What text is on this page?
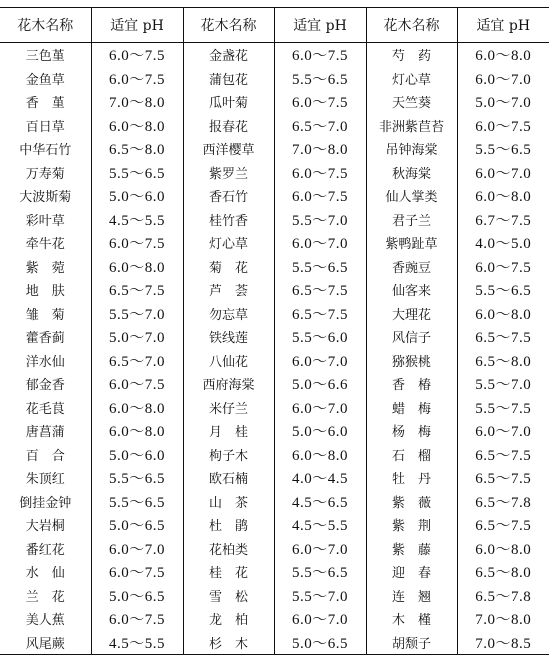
花木名称	适宜 pH	花木名称	适宜 pH	花木名称	适宜 pH
三色堇	6.0～7.5	金盏花	6.0～7.5	芍　药	6.0～8.0
金鱼草	6.0～7.5	蒲包花	5.5～6.5	灯心草	6.0～7.0
香　堇	7.0～8.0	瓜叶菊	6.0～7.5	天竺葵	5.0～7.0
百日草	6.0～8.0	报春花	6.5～7.0	非洲紫苣苔	6.0～7.5
中华石竹	6.5～8.0	西洋樱草	7.0～8.0	吊钟海棠	5.5～6.5
万寿菊	5.5～6.5	紫罗兰	6.0～7.5	秋海棠	6.0～7.0
大波斯菊	5.0～6.0	香石竹	6.0～7.5	仙人掌类	6.0～8.0
彩叶草	4.5～5.5	桂竹香	5.5～7.0	君子兰	6.7～7.5
牵牛花	6.0～7.5	灯心草	6.0～7.0	紫鸭趾草	4.0～5.0
紫　菀	6.0～8.0	菊　花	5.5～6.5	香豌豆	6.0～7.5
地　肤	6.5～7.5	芦　荟	6.5～7.5	仙客来	5.5～6.5
雏　菊	5.5～7.0	勿忘草	6.5～7.5	大理花	6.0～8.0
藿香蓟	5.0～7.0	铁线莲	5.5～6.0	风信子	6.5～7.5
洋水仙	6.5～7.0	八仙花	6.0～7.0	猕猴桃	6.5～8.0
郁金香	6.0～7.5	西府海棠	5.0～6.6	香　椿	5.5～7.0
花毛茛	6.0～8.0	米仔兰	6.0～7.0	蜡　梅	5.5～7.5
唐菖蒲	6.0～8.0	月　桂	5.0～6.0	杨　梅	6.0～7.0
百　合	5.0～6.0	枸子木	6.0～8.0	石　榴	6.5～7.5
朱顶红	5.5～6.5	欧石楠	4.0～4.5	牡　丹	6.5～7.5
倒挂金钟	5.5～6.5	山　茶	4.5～6.5	紫　薇	6.5～7.8
大岩桐	5.0～6.5	杜　鹃	4.5～5.5	紫　荆	6.5～7.5
番红花	6.0～7.0	花柏类	6.0～7.0	紫　藤	6.0～8.0
水　仙	6.0～7.5	桂　花	5.5～6.5	迎　春	6.5～8.0
兰　花	5.0～6.5	雪　松	5.5～7.0	连　翘	6.5～7.8
美人蕉	6.0～7.5	龙　柏	6.0～7.0	木　槿	7.0～8.0
风尾蕨	4.5～5.5	杉　木	5.0～6.5	胡颓子	7.0～8.5
